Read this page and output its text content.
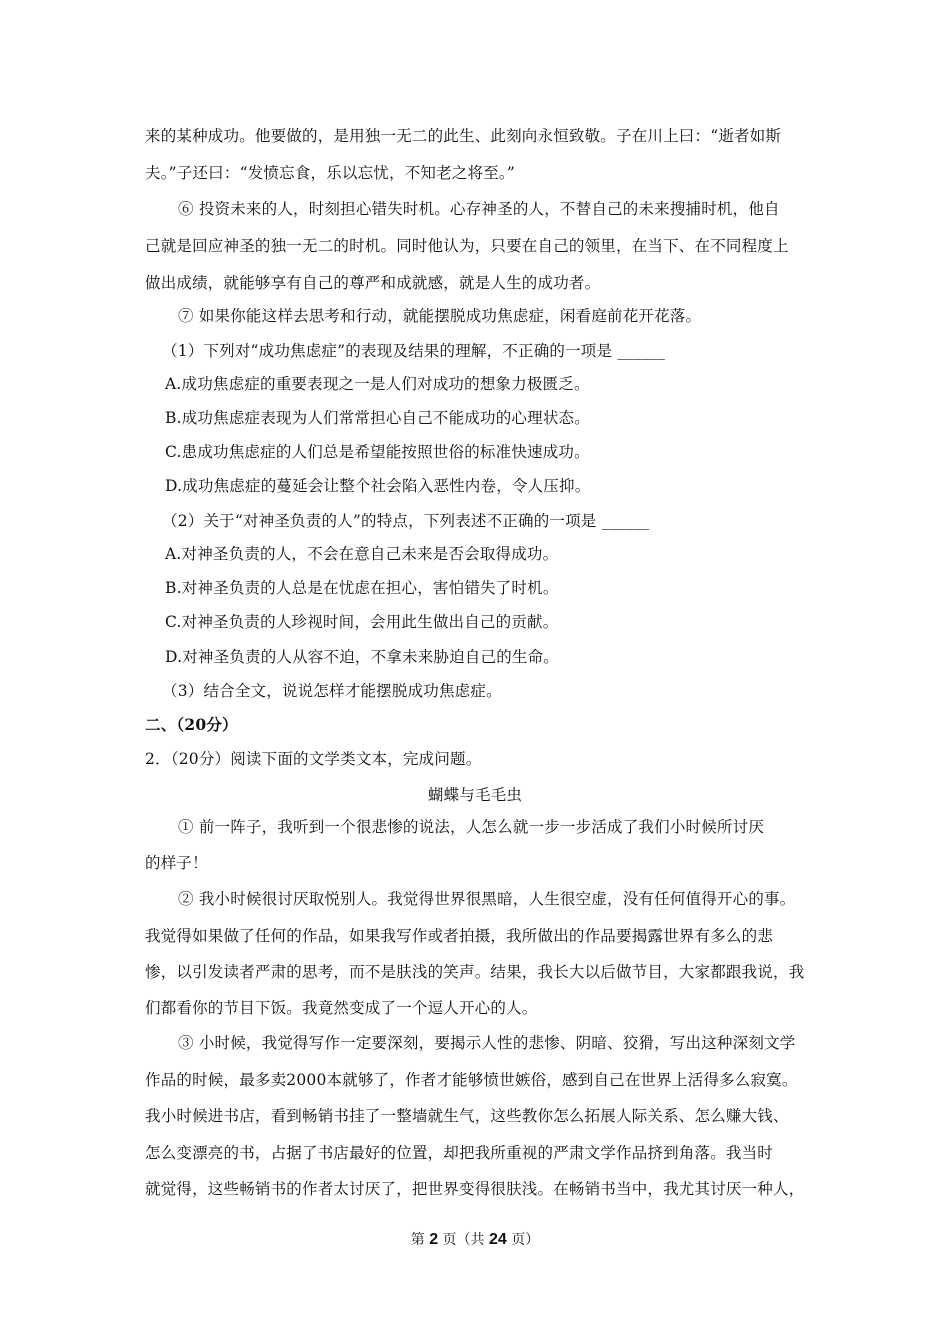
来的某种成功。他要做的，是用独一无二的此生、此刻向永恒致敬。子在川上曰：“逝者如斯
夫。”子还曰：“发愤忘食，乐以忘忧，不知老之将至。”
⑥ 投资未来的人，时刻担心错失时机。心存神圣的人，不替自己的未来搜捕时机，他自
己就是回应神圣的独一无二的时机。同时他认为，只要在自己的领里，在当下、在不同程度上
做出成绩，就能够享有自己的尊严和成就感，就是人生的成功者。
⑦ 如果你能这样去思考和行动，就能摆脱成功焦虑症，闲看庭前花开花落。
（1）下列对“成功焦虑症”的表现及结果的理解，不正确的一项是 ______
A.成功焦虑症的重要表现之一是人们对成功的想象力极匮乏。
B.成功焦虑症表现为人们常常担心自己不能成功的心理状态。
C.患成功焦虑症的人们总是希望能按照世俗的标准快速成功。
D.成功焦虑症的蔓延会让整个社会陷入恶性内卷，令人压抑。
（2）关于“对神圣负责的人”的特点，下列表述不正确的一项是 ______
A.对神圣负责的人，不会在意自己未来是否会取得成功。
B.对神圣负责的人总是在忧虑在担心，害怕错失了时机。
C.对神圣负责的人珍视时间，会用此生做出自己的贡献。
D.对神圣负责的人从容不迫，不拿未来胁迫自己的生命。
（3）结合全文，说说怎样才能摆脱成功焦虑症。
二、（20分）
2．（20分）阅读下面的文学类文本，完成问题。
蝴蝶与毛毛虫
① 前一阵子，我听到一个很悲惨的说法，人怎么就一步一步活成了我们小时候所讨厌
的样子！
② 我小时候很讨厌取悦别人。我觉得世界很黑暗，人生很空虚，没有任何值得开心的事。
我觉得如果做了任何的作品，如果我写作或者拍摄，我所做出的作品要揭露世界有多么的悲
惨，以引发读者严肃的思考，而不是肤浅的笑声。结果，我长大以后做节目，大家都跟我说，我
们都看你的节目下饭。我竟然变成了一个逗人开心的人。
③ 小时候，我觉得写作一定要深刻，要揭示人性的悲惨、阴暗、狡猾，写出这种深刻文学
作品的时候，最多卖2000本就够了，作者才能够愤世嫉俗，感到自己在世界上活得多么寂寞。
我小时候进书店，看到畅销书挂了一整墙就生气，这些教你怎么拓展人际关系、怎么赚大钱、
怎么变漂亮的书，占据了书店最好的位置，却把我所重视的严肃文学作品挤到角落。我当时
就觉得，这些畅销书的作者太讨厌了，把世界变得很肤浅。在畅销书当中，我尤其讨厌一种人，
第 2 页（共 24 页）
